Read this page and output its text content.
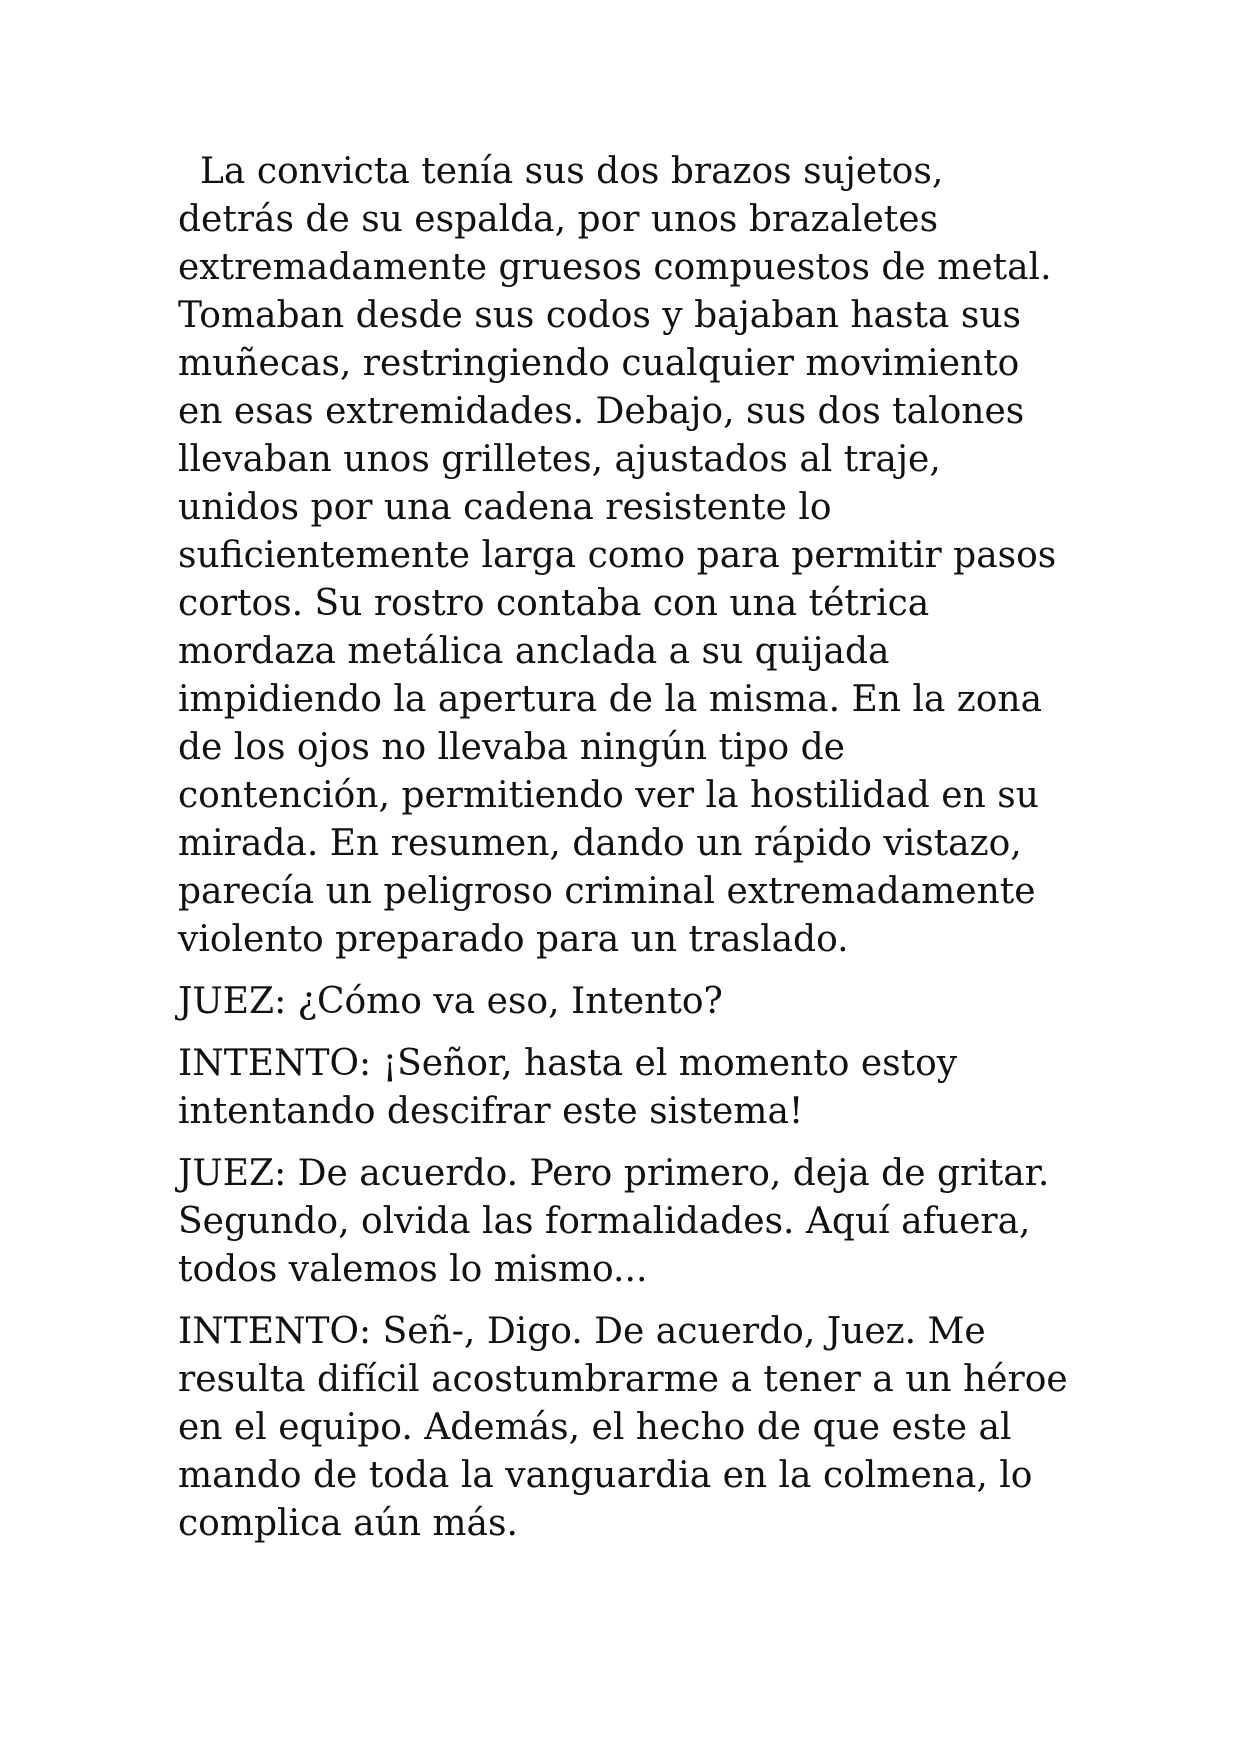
La convicta tenía sus dos brazos sujetos,
detrás de su espalda, por unos brazaletes
extremadamente gruesos compuestos de metal.
Tomaban desde sus codos y bajaban hasta sus
muñecas, restringiendo cualquier movimiento
en esas extremidades. Debajo, sus dos talones
llevaban unos grilletes, ajustados al traje,
unidos por una cadena resistente lo
suficientemente larga como para permitir pasos
cortos. Su rostro contaba con una tétrica
mordaza metálica anclada a su quijada
impidiendo la apertura de la misma. En la zona
de los ojos no llevaba ningún tipo de
contención, permitiendo ver la hostilidad en su
mirada. En resumen, dando un rápido vistazo,
parecía un peligroso criminal extremadamente
violento preparado para un traslado.

JUEZ: ¿Cómo va eso, Intento?

INTENTO: ¡Señor, hasta el momento estoy
intentando descifrar este sistema!

JUEZ: De acuerdo. Pero primero, deja de gritar.
Segundo, olvida las formalidades. Aquí afuera,
todos valemos lo mismo...

INTENTO: Señ-, Digo. De acuerdo, Juez. Me
resulta difícil acostumbrarme a tener a un héroe
en el equipo. Además, el hecho de que este al
mando de toda la vanguardia en la colmena, lo
complica aún más.
